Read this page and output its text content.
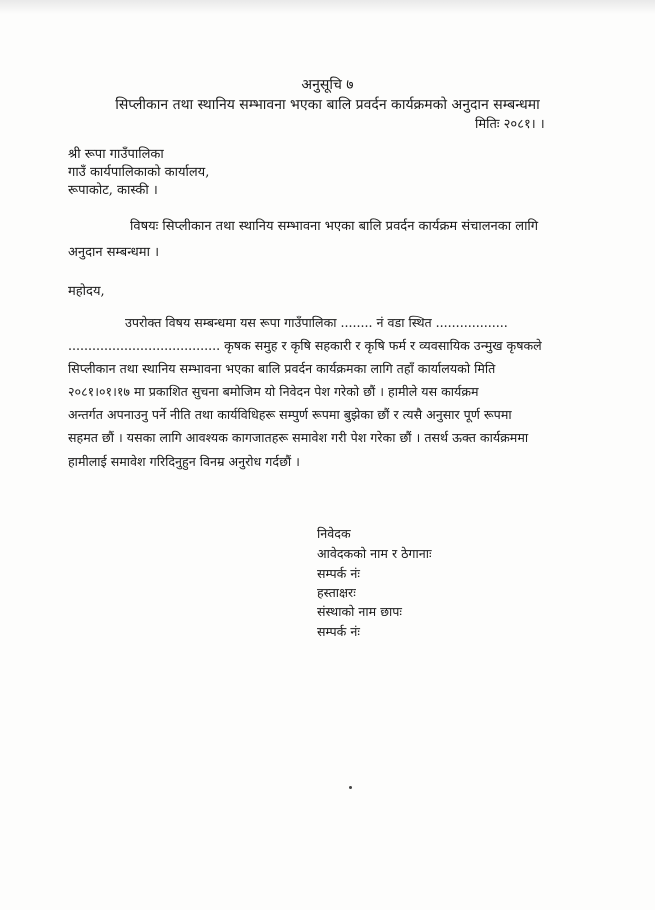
अनुसूचि ७
सिप्लीकान तथा स्थानिय सम्भावना भएका बालि प्रवर्दन कार्यक्रमको अनुदान सम्बन्धमा
मितिः २०८१। ।
श्री रूपा गाउँपालिका
गाउँ कार्यपालिकाको कार्यालय,
रूपाकोट, कास्की ।
विषयः सिप्लीकान तथा स्थानिय सम्भावना भएका बालि प्रवर्दन कार्यक्रम संचालनका लागि
अनुदान सम्बन्धमा ।
महोदय,
उपरोक्त विषय सम्बन्धमा यस रूपा गाउँपालिका ........ नं वडा स्थित ..................
...................................... कृषक समुह र कृषि सहकारी र कृषि फर्म र व्यवसायिक उन्मुख कृषकले
सिप्लीकान तथा स्थानिय सम्भावना भएका बालि प्रवर्दन कार्यक्रमका लागि तहाँ कार्यालयको मिति
२०८१।०१।१७ मा प्रकाशित सुचना बमोजिम यो निवेदन पेश गरेको छौं । हामीले यस कार्यक्रम
अन्तर्गत अपनाउनु पर्ने नीति तथा कार्यविधिहरू सम्पुर्ण रूपमा बुझेका छौं र त्यसै अनुसार पूर्ण रूपमा
सहमत छौं । यसका लागि आवश्यक कागजातहरू समावेश गरी पेश गरेका छौं । तसर्थ ऊक्त कार्यक्रममा
हामीलाई समावेश गरिदिनुहुन विनम्र अनुरोध गर्दछौं ।
निवेदक
आवेदकको नाम र ठेगानाः
सम्पर्क नंः
हस्ताक्षरः
संस्थाको नाम छापः
सम्पर्क नंः
